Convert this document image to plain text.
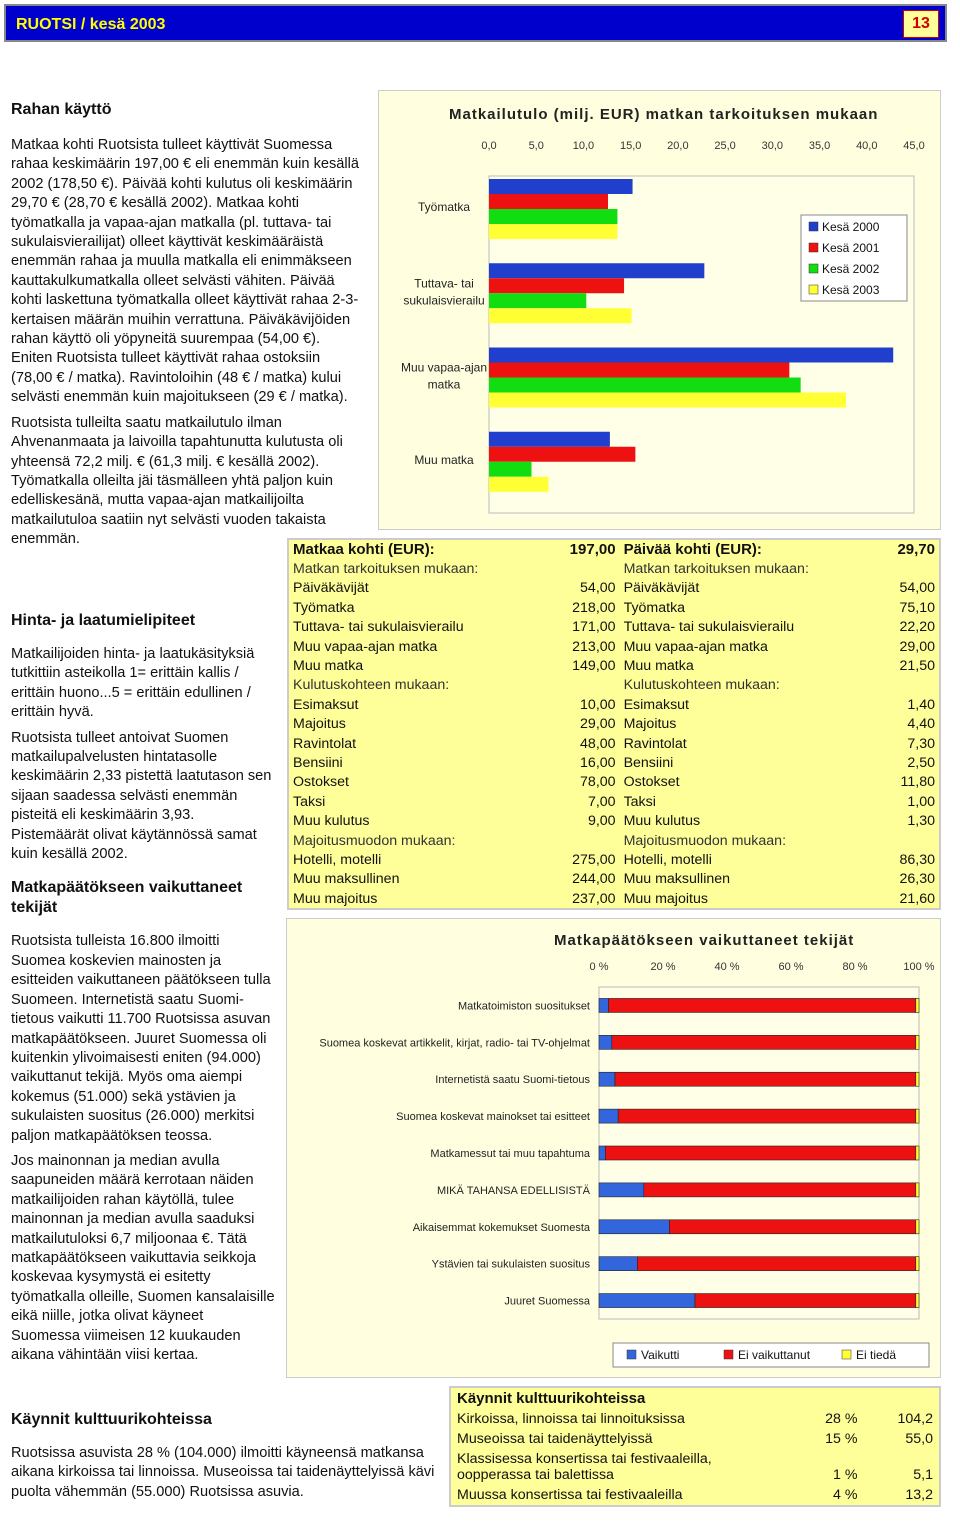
RUOTSI / kesä 2003	13
Rahan käyttö

Matkaa kohti Ruotsista tulleet käyttivät Suomessa rahaa keskimäärin 197,00 € eli enemmän kuin kesällä 2002 (178,50 €). Päivää kohti kulutus oli keskimäärin 29,70 € (28,70 € kesällä 2002). Matkaa kohti työmatkalla ja vapaa-ajan matkalla (pl. tuttava- tai sukulaisvierailijat) olleet käyttivät keskimääräistä enemmän rahaa ja muulla matkalla eli enimmäkseen kauttakulkumatkalla olleet selvästi vähiten. Päivää kohti laskettuna työmatkalla olleet käyttivät rahaa 2-3-kertaisen määrän muihin verrattuna. Päiväkävijöiden rahan käyttö oli yöpyneitä suurempaa (54,00 €). Eniten Ruotsista tulleet käyttivät rahaa ostoksiin (78,00 € / matka). Ravintoloihin (48 € / matka) kului selvästi enemmän kuin majoitukseen (29 € / matka).

Ruotsista tulleilta saatu matkailutulo ilman Ahvenanmaata ja laivoilla tapahtunutta kulutusta oli yhteensä 72,2 milj. € (61,3 milj. € kesällä 2002). Työmatkalla olleilta jäi täsmälleen yhtä paljon kuin edelliskesänä, mutta vapaa-ajan matkailijoilta matkailutuloa saatiin nyt selvästi vuoden takaista enemmän.

Hinta- ja laatumielipiteet

Matkailijoiden hinta- ja laatukäsityksiä tutkittiin asteikolla 1= erittäin kallis / erittäin huono...5 = erittäin edullinen / erittäin hyvä.

Ruotsista tulleet antoivat Suomen matkailupalvelusten hintatasolle keskimäärin 2,33 pistettä laatutason sen sijaan saadessa selvästi enemmän pisteitä eli keskimäärin 3,93. Pistemäärät olivat käytännössä samat kuin kesällä 2002.

Matkapäätökseen vaikuttaneet tekijät

Ruotsista tulleista 16.800 ilmoitti Suomea koskevien mainosten ja esitteiden vaikuttaneen päätökseen tulla Suomeen. Internetistä saatu Suomi-tietous vaikutti 11.700 Ruotsissa asuvan matkapäätökseen. Juuret Suomessa oli kuitenkin ylivoimaisesti eniten (94.000) vaikuttanut tekijä. Myös oma aiempi kokemus (51.000) sekä ystävien ja sukulaisten suositus (26.000) merkitsi paljon matkapäätöksen teossa.

Jos mainonnan ja median avulla saapuneiden määrä kerrotaan näiden matkailijoiden rahan käytöllä, tulee mainonnan ja median avulla saaduksi matkailutuloksi 6,7 miljoonaa €. Tätä matkapäätökseen vaikuttavia seikkoja koskevaa kysymystä ei esitetty työmatkalla olleille, Suomen kansalaisille eikä niille, jotka olivat käyneet Suomessa viimeisen 12 kuukauden aikana vähintään viisi kertaa.

Käynnit kulttuurikohteissa

Ruotsissa asuvista 28 % (104.000) ilmoitti käyneensä matkansa aikana kirkoissa tai linnoissa. Museoissa tai taidenäyttelyissä kävi puolta vähemmän (55.000) Ruotsissa asuvia.

Matkailutulo (milj. EUR) matkan tarkoituksen mukaan
0,0	5,0	10,0 15,0 20,0 25,0 30,0 35,0 40,0 45,0
Työmatka
Tuttava- tai
sukulaisvierailu
Muu vapaa-ajan
matka
Muu matka
Kesä 2000
Kesä 2001
Kesä 2002
Kesä 2003
Matkaa kohti (EUR):	197,00	Päivää kohti (EUR):	29,70
Matkan tarkoituksen mukaan:		Matkan tarkoituksen mukaan:	
Päiväkävijät	54,00	Päiväkävijät	54,00
Työmatka	218,00	Työmatka	75,10
Tuttava- tai sukulaisvierailu	171,00	Tuttava- tai sukulaisvierailu	22,20
Muu vapaa-ajan matka	213,00	Muu vapaa-ajan matka	29,00
Muu matka	149,00	Muu matka	21,50
Kulutuskohteen mukaan:		Kulutuskohteen mukaan:	
Esimaksut	10,00	Esimaksut	1,40
Majoitus	29,00	Majoitus	4,40
Ravintolat	48,00	Ravintolat	7,30
Bensiini	16,00	Bensiini	2,50
Ostokset	78,00	Ostokset	11,80
Taksi	7,00	Taksi	1,00
Muu kulutus	9,00	Muu kulutus	1,30
Majoitusmuodon mukaan:		Majoitusmuodon mukaan:	
Hotelli, motelli	275,00	Hotelli, motelli	86,30
Muu maksullinen	244,00	Muu maksullinen	26,30
Muu majoitus	237,00	Muu majoitus	21,60
Matkapäätökseen vaikuttaneet tekijät
0 %	20 %	40 %	60 %	80 %	100 %
Matkatoimiston suositukset
Suomea koskevat artikkelit, kirjat, radio- tai TV-ohjelmat
Internetistä saatu Suomi-tietous
Suomea koskevat mainokset tai esitteet
Matkamessut tai muu tapahtuma
MIKÄ TAHANSA EDELLISISTÄ
Aikaisemmat kokemukset Suomesta
Ystävien tai sukulaisten suositus
Juuret Suomessa
Vaikutti	Ei vaikuttanut	Ei tiedä
Käynnit kulttuurikohteissa		
Kirkoissa, linnoissa tai linnoituksissa	28 %	104,2
Museoissa tai taidenäyttelyissä	15 %	55,0
Klassisessa konsertissa tai festivaaleilla, oopperassa tai balettissa	1 %	5,1
Muussa konsertissa tai festivaaleilla	4 %	13,2
